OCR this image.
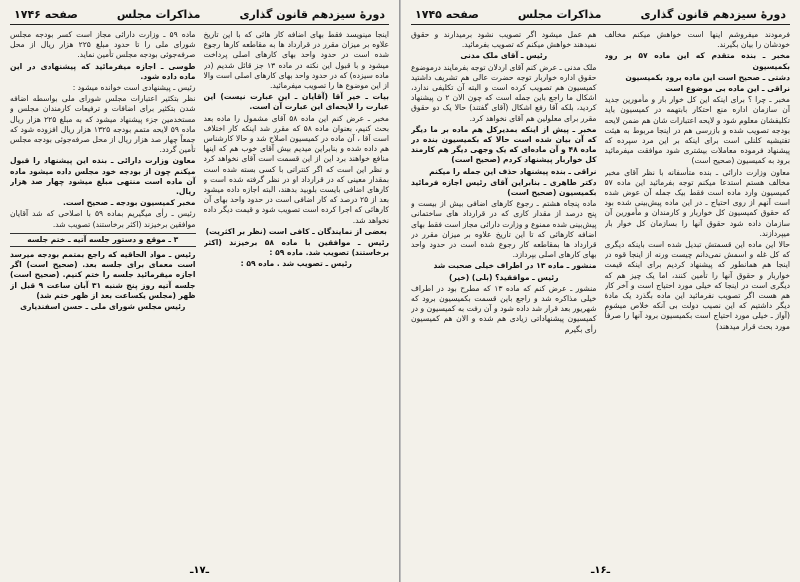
دورهٔ سیزدهم قانون گذاری
مذاکرات مجلس
صفحه ۱۷۴۶

اینجا مینویسد فقط بهای اضافه کار هائی که با این تاریخ علاوه بر میزان مقرر در قرارداد ها به مقاطعه کارها رجوع شده است در حدود واحد بهای کارهای اصلی پرداخت میشود و با قبول این نکته در ماده ۱۳ جز قائل شدیم (در ماده سیزده) که در حدود واحد بهای کارهای اصلی است والا از این موضوع ها را تصویب میفرمائید.

بیات ـ خیر آقا (آقایان ـ این عبارت نیست) این عبارت را لایحه‌ای این عبارت آن است.

مخبر ـ عرض کنم این ماده ۵۸ آقای مشمول را ماده بعد بحث کنیم، بعنوان ماده ۵۸ که مقرر شد اینکه کار اختلاف است آقا ، آن ماده در کمیسیون اصلاح شد و حالا کارشناس هم داده شده و بنابراین میدیم بیش آقای خوب هم که اینها منافع خواهند برد این از این قسمت است آقای نخواهد کرد و نظر این است که اگر کنتراتی با کسی بسته شده است بمقدار معینی که در قرارداد او در نظر گرفته شده است و کارهای اضافی بایست بلوبید بدهند، البته اجازه داده میشود بعد از ۲۵ درصد که کار اضافی است در حدود واحد بهای آن کارهائی که اجرا کرده است تصویب شود و قیمت دیگر داده نخواهد شد.

بعضی از نمایندگان ـ کافی است (نظر بر اکثریت)

رئیس ـ موافقین با ماده ۵۸ برخیزند (اکثر برخاستند) تصویب شد. ماده ۵۹ :

رئیس ـ تصویب شد . ماده ۵۹ :

ماده ۵۹ ـ وزارت دارائی مجاز است کسر بودجه مجلس شورای ملی را تا حدود مبلغ ۲۲۵ هزار ریال از محل صرفه‌جوئی بودجه مجلس تأمین نماید.

طوسی ـ اجازه میفرمائید که پیشنهادی در این ماده داده شود.

رئیس ـ پیشنهادی است خوانده میشود :

نظر بتکثیر اعتبارات مجلس شورای ملی بواسطه اضافه شدن بتکثیر برای اضافات و ترفیعات کارمندان مجلس و مستخدمین جزء پیشنهاد میشود که به مبلغ ۲۲۵ هزار ریال ماده ۵۹ لایحه متمم بودجه ۱۳۲۵ هزار ریال افزوده شود که جمعاً چهار صد هزار ریال از محل صرفه‌جوئی بودجه مجلس تأمین گردد.

معاون وزارت دارائی ـ بنده این پیشنهاد را قبول میکنم چون از بودجه خود مجلس داده میشود ماده آن ماده است منتهی مبلغ میشود چهار صد هزار ریال.

مخبر کمیسیون بودجه ـ صحیح است.

رئیس ـ رأی میگیریم بماده ۵۹ با اصلاحی که شد آقایان موافقین برخیزند (اکثر برخاستند) تصویب شد.

۳ ـ موقع و دستور جلسه آتیه ـ ختم جلسه

رئیس ـ مواد الحاقیه که راجع بمتمم بودجه میرسد است معمای برای جلسه بعد. (صحیح است) اگر اجازه میفرمائید جلسه را ختم کنیم. (صحیح است) جلسه آتیه روز پنج شنبه ۳۱ آبان ساعت ۹ قبل از ظهر (مجلس یکساعت بعد از ظهر ختم شد)

رئیس مجلس شورای ملی ـ حسن اسفندیاری

ـ۱۷ـ
دورهٔ سیزدهم قانون گذاری
مذاکرات مجلس
صفحه ۱۷۴۵

فرمودند میفروشم اینها است خواهش میکنم مخالف خودشان را بیان بگیرند.

مخبر ـ بنده متقدم که این ماده ۵۷ بر رود بکمیسیون

دشتی ـ صحیح است این ماده برود بکمیسیون

نراقی ـ این ماده بی موضوع است

مخبر ـ چرا ؟ برای اینکه این کل خوار بار و مأمورین جدید آن سازمان اداره منع احتکار بابتهمه در کمیسیون باید تکلیفشان معلوم شود و لایحه اعتبارات شان هم ضمن لایحه بودجه تصویب شده و بازرسی هم در اینجا مربوط به هیئت تفتیشیه کلنلی است برای اینکه بر این مرد سپرده که پیشنهاد فرموده معاملات بیشتری شود موافقت میفرمائید برود به کمیسیون (صحیح است)

معاون وزارت دارائی ـ بنده متأسفانه با نظر آقای مخبر مخالف هستم استدعا میکنم توجه بفرمائید این ماده ۵۷ کمیسیون وارد ماده است فقط بیک جمله آن عوض شده است آنهم از روی احتیاج ـ در این ماده پیش‌بینی شده بود که حقوق کمیسیون کل خواربار و کارمندان و مأمورین آن سازمان داده شود حقوق آنها را بسازمان کل خوار بار میپردازند.

حالا این ماده این قسمتش تبدیل شده است باینکه دیگری که کل غله و اسمش نمی‌دانم چیست ورنه از اینجا قوه در اینجا هم همانطور که پیشنهاد کردیم برای اینکه قیمت خواربار و حقوق آنها را تأمین کنند، اما یک چیز هم که دیگری است در اینجا که خیلی مورد احتیاج است و آخر کار هم هست اگر تصویب نفرمائید این ماده بگذرد یک مادهٔ دیگر داشتیم که این نصیب دولت بی آنکه خلاص میشوم (آواز ـ خیلی مورد احتیاج است بکمیسیون برود آنها را صرفاً مورد بحث قرار میدهند)

هم عمل میشود اگر تصویب نشود برمیدارند و حقوق نمیدهند خواهش میکنم که تصویب بفرمائید.

رئیس ـ آقای ملک مدنی

ملک مدنی ـ عرض کنم آقای اردلان توجه بفرمایند درموضوع حقوق اداره خواربار توجه حضرت عالی هم تشریف داشتید کمیسیون هم تصویب کرده است و البته آن تکلیفی ندارد، اشکال ما راجع باین جمله است که چون الان ۲ ن پیشنهاد کردید، بلکه آقا رفع اشکال (آقای گفتند) حالا یک دو حقوق مقرر برای معلولین هم آقای نخواهد کرد.

مخبر ـ پیش از اینکه بمدیرکل هم ماده بر ما دیگر که آن بیان شده است حالا که بکمیسیون بنده در ماده ۴۸ و آن ماده‌ای که یک وجهی دیگر هم کارمند کل خواربار پیشنهاد کردم (صحیح است)

نراقی ـ بنده پیشنهاد حذف این جمله را میکنم

دکتر طاهری ـ بنابراین آقای رئیس اجازه فرمائید بکمیسیون (صحیح است)

ماده پنجاه هشتم ـ رجوع کارهای اضافی بیش از بیست و پنج درصد از مقدار کاری که در قرارداد های ساختمانی پیش‌بینی شده ممنوع و وزارت دارائی مجاز است فقط بهای اضافه کارهائی که تا این تاریخ علاوه بر میزان مقرر در قرارداد ها بمقاطعه کار رجوع شده است در حدود واحد بهای کارهای اصلی بپردازد.

منشور ـ ماده ۱۳ در اطراف خیلی صحبت شد

رئیس ـ موافقید؟ (بلی) (خیر)

منشور ـ عرض کنم که ماده ۱۳ که مطرح بود در اطراف خیلی مذاکره شد و راجع باین قسمت بکمیسیون برود که شهریور بعد قرار شد داده شود و آن رفت به کمیسیون و در کمیسیون پیشنهاداتی زیادی هم شده و الان هم کمیسیون رأی بگیرم

ـ۱۶ـ
